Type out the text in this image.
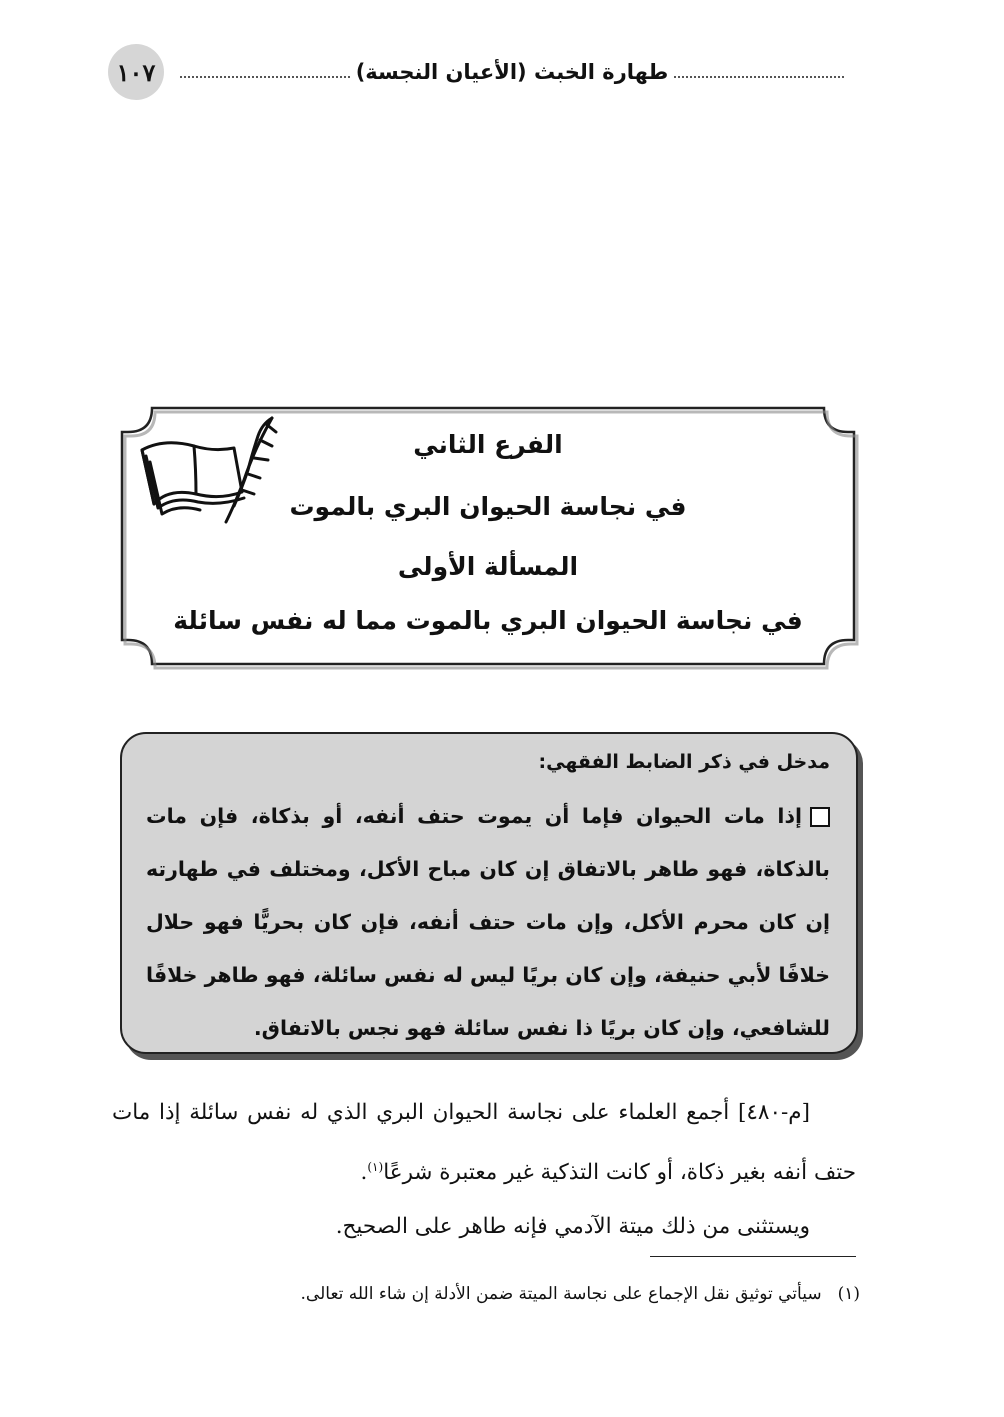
١٠٧	طهارة الخبث (الأعيان النجسة)
الفرع الثاني
في نجاسة الحيوان البري بالموت
المسألة الأولى
في نجاسة الحيوان البري بالموت مما له نفس سائلة
مدخل في ذكر الضابط الفقهي:
إذا مات الحيوان فإما أن يموت حتف أنفه، أو بذكاة، فإن مات بالذكاة، فهو طاهر بالاتفاق إن كان مباح الأكل، ومختلف في طهارته إن كان محرم الأكل، وإن مات حتف أنفه، فإن كان بحريًّا فهو حلال خلافًا لأبي حنيفة، وإن كان بريًا ليس له نفس سائلة، فهو طاهر خلافًا للشافعي، وإن كان بريًا ذا نفس سائلة فهو نجس بالاتفاق.

[م-٤٨٠] أجمع العلماء على نجاسة الحيوان البري الذي له نفس سائلة إذا مات حتف أنفه بغير ذكاة، أو كانت التذكية غير معتبرة شرعًا$^{(١)}$.

ويستثنى من ذلك ميتة الآدمي فإنه طاهر على الصحيح.

(١)سيأتي توثيق نقل الإجماع على نجاسة الميتة ضمن الأدلة إن شاء الله تعالى.
